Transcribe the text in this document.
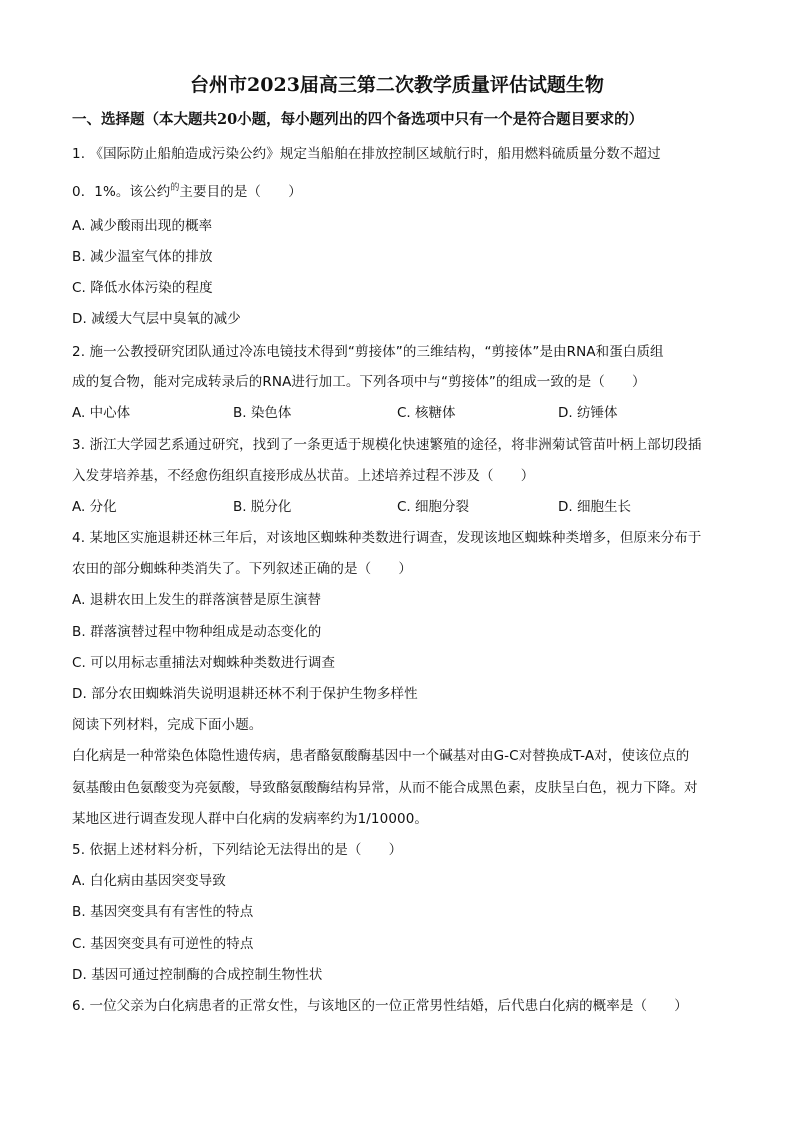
台州市2023届高三第二次教学质量评估试题生物
一、选择题（本大题共20小题，每小题列出的四个备选项中只有一个是符合题目要求的）
1. 《国际防止船舶造成污染公约》规定当船舶在排放控制区域航行时，船用燃料硫质量分数不超过
0．1%。该公约$^的$主要目的是（　　）
A. 减少酸雨出现的概率
B. 减少温室气体的排放
C. 降低水体污染的程度
D. 减缓大气层中臭氧的减少
2. 施一公教授研究团队通过冷冻电镜技术得到“剪接体”的三维结构，“剪接体”是由RNA和蛋白质组
成的复合物，能对完成转录后的RNA进行加工。下列各项中与“剪接体”的组成一致的是（　　）
A. 中心体	B. 染色体	C. 核糖体	D. 纺锤体
3. 浙江大学园艺系通过研究，找到了一条更适于规模化快速繁殖的途径，将非洲菊试管苗叶柄上部切段插
入发芽培养基，不经愈伤组织直接形成丛状苗。上述培养过程不涉及（　　）
A. 分化	B. 脱分化	C. 细胞分裂	D. 细胞生长
4. 某地区实施退耕还林三年后，对该地区蜘蛛种类数进行调查，发现该地区蜘蛛种类增多，但原来分布于
农田的部分蜘蛛种类消失了。下列叙述正确的是（　　）
A. 退耕农田上发生的群落演替是原生演替
B. 群落演替过程中物种组成是动态变化的
C. 可以用标志重捕法对蜘蛛种类数进行调查
D. 部分农田蜘蛛消失说明退耕还林不利于保护生物多样性
阅读下列材料，完成下面小题。
白化病是一种常染色体隐性遗传病，患者酪氨酸酶基因中一个碱基对由G-C对替换成T-A对，使该位点的
氨基酸由色氨酸变为亮氨酸，导致酪氨酸酶结构异常，从而不能合成黑色素，皮肤呈白色，视力下降。对
某地区进行调查发现人群中白化病的发病率约为1/10000。
5. 依据上述材料分析，下列结论无法得出的是（　　）
A. 白化病由基因突变导致
B. 基因突变具有有害性的特点
C. 基因突变具有可逆性的特点
D. 基因可通过控制酶的合成控制生物性状
6. 一位父亲为白化病患者的正常女性，与该地区的一位正常男性结婚，后代患白化病的概率是（　　）
